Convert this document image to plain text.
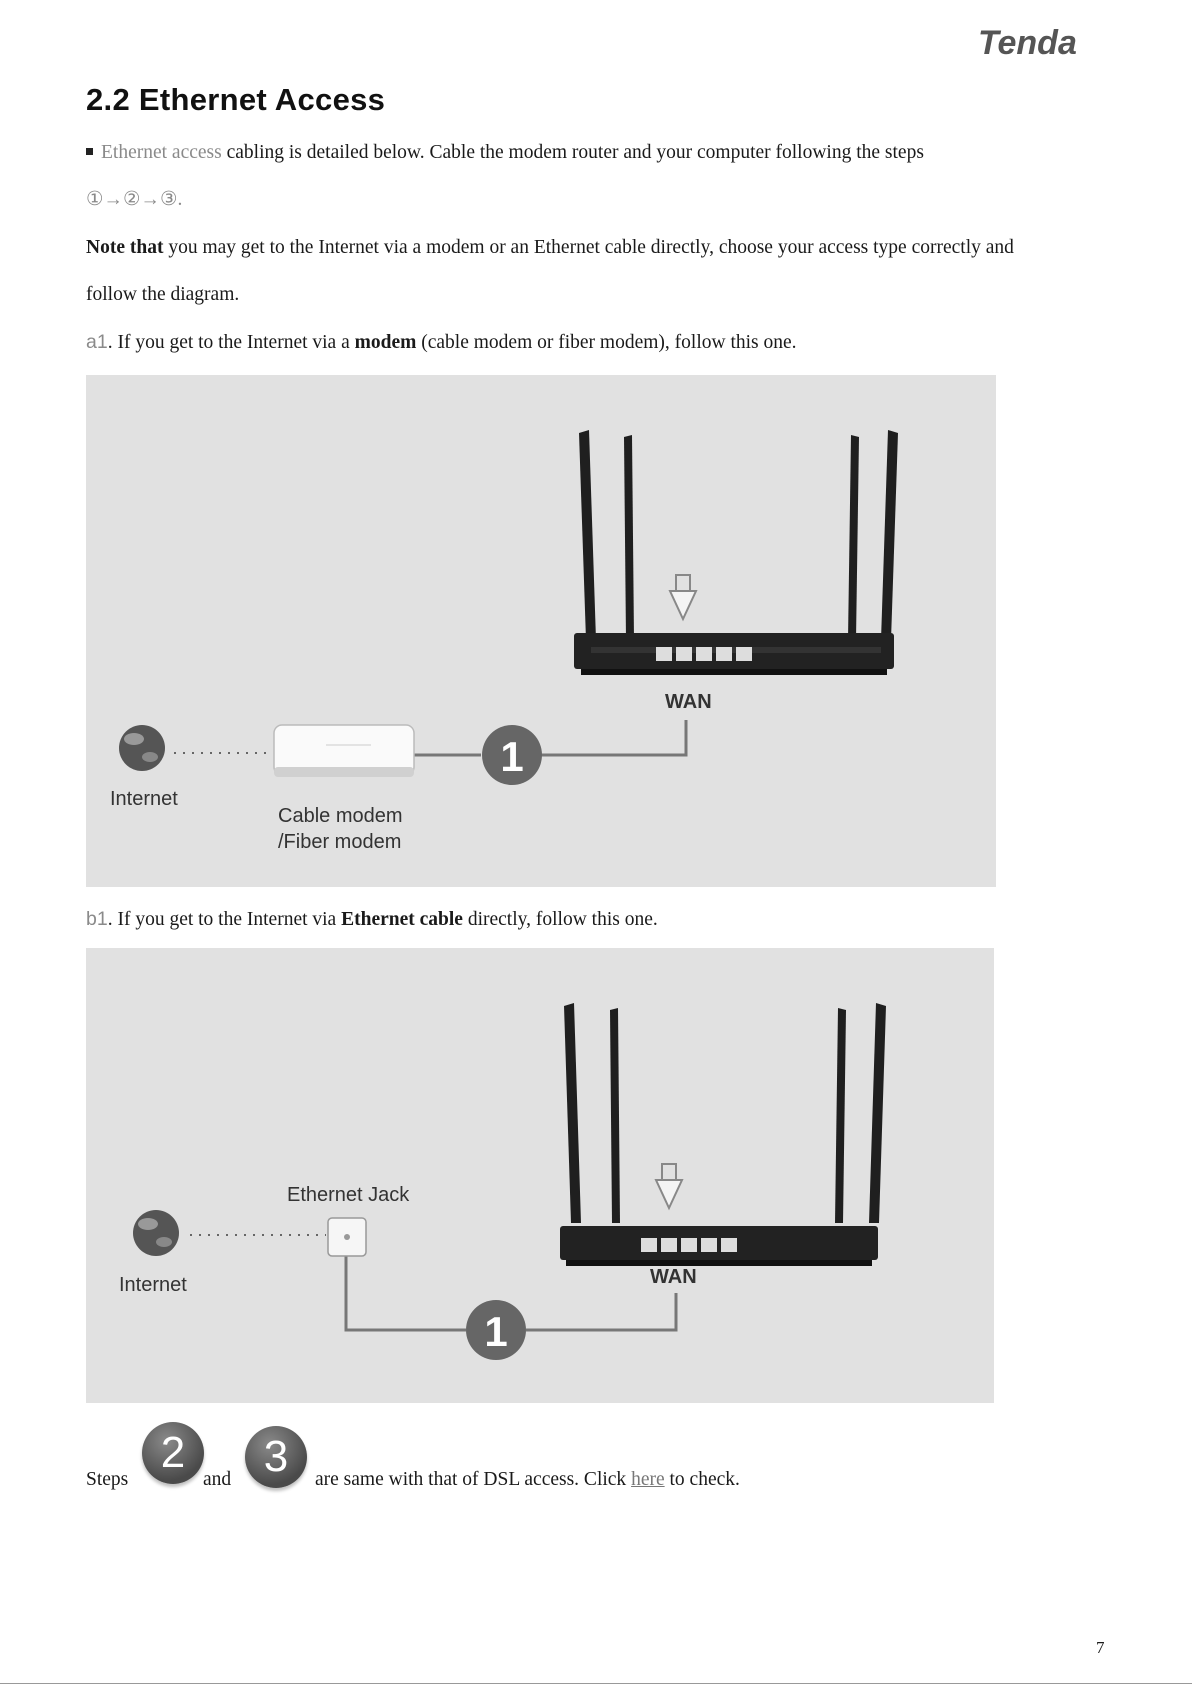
Tenda
2.2 Ethernet Access
Ethernet access cabling is detailed below. Cable the modem router and your computer following the steps
①→②→③.
Note that you may get to the Internet via a modem or an Ethernet cable directly, choose your access type correctly and
follow the diagram.
a1. If you get to the Internet via a modem (cable modem or fiber modem), follow this one.
WAN
1
Internet
Cable modem
/Fiber modem
b1. If you get to the Internet via Ethernet cable directly, follow this one.
WAN
1
Ethernet Jack
Internet
Steps
2
and 3	are same with that of DSL access. Click here to check.
7
